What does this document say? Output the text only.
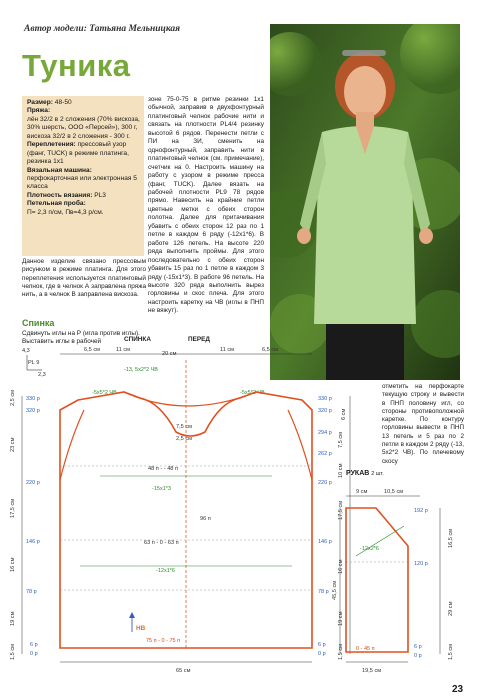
Автор модели: Татьяна Мельницкая
Туника

Размер: 48-50

Пряжа:
лён 32/2 в 2 сложения (70% вискоза, 30% шерсть, ООО «Персей»), 300 г, вискоза 32/2 в 2 сложения - 300 г.

Переплетения: прессовый узор (фанг, TUCK) в режиме платинга, резинка 1х1

Вязальная машина:
перфокарточная или электронная 5 класса

Плотность вязания: PL3

Петельная проба:
П= 2,3 п/см, Пв=4,3 р/см.

Данное изделие связано прессовым рисунком в режиме платинга. Для этого переплетения используется платинговый челнок, где в челнок А заправлена пряжа нить, а в челнок В заправлена вискоза.
зоне 75-0-75 в ритме резинки 1х1 обычной, заправив в двухфонтурный платинговый челнок рабочие нити и связать на плотности PL4/4 резинку высотой 6 рядов. Перенести петли с ПИ на ЗИ, сменить на однофонтурный, заправить нити в платинговый челнок (см. примечание), счетчик на 0. Настроить машину на работу с узором в режиме пресса (фанг, TUCK). Далее вязать на рабочей плотности PL9 78 рядов прямо. Навесить на крайние петли цветные метки с обеих сторон полотна. Далее для притачивания убавить с обеих сторон 12 раз по 1 петле в каждом 6 ряду (-12х1*6). В работе 126 петель. На высоте 220 ряда выполнить проймы. Для этого последовательно с обеих сторон убавить 15 раз по 1 петле в каждом 3 ряду (-15х1*3). В работе 96 петель. На высоте 320 ряда выполнить вырез горловины и скос плеча. Для этого настроить каретку на ЧВ (иглы в ПНП не вяжут).
Спинка
Сдвинуть иглы на Р (игла против иглы). Выставить иглы в рабочей
отметить на перфокарте текущую строку и вывести в ПНП половину игл, со стороны противоположной каретке. По контуру горловины вывести в ПНП 13 петель и 5 раз по 2 петли в каждом 2 ряду (-13, 5х2*2 ЧВ). По плечевому скосу
4,3
PL 9
2,3
СПИНКА	ПЕРЕД
6,5 см	11 см
20 см
11 см	6,5 см
-13, 5х2*2 ЧВ
-5х5*2 ЧВ	-5х5*2 ЧВ
48 п - - 48 п
-15х1*3
96 п
63 п - 0 - 63 п
-12х1*6
75 п - 0 - 75 п
330 р
320 р
220 р
146 р
78 р
6 р
0 р
2,5 см
23 см
17,5 см
16 см
19 см
1,5 см
330 р
320 р
294 р
262 р
220 р
146 р
78 р
6 р
0 р
6 см
7,5 см
10 см
17,5 см
16 см
19 см
1,5 см
7,5 см
2,5 см
НВ
65 см
9 см	10,5 см
-12х2*6
0 - 45 п
192 р
120 р
6 р
0 р
16,5 см
29 см
45,5 см
1,5 см
19,5 см
РУКАВ 2 шт.
23
